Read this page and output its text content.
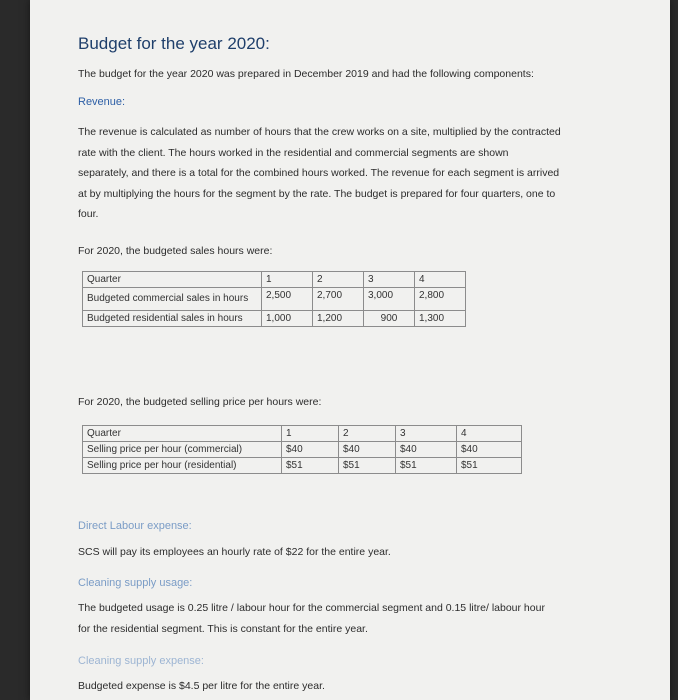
Budget for the year 2020:
The budget for the year 2020 was prepared in December 2019 and had the following components:
Revenue:
The revenue is calculated as number of hours that the crew works on a site, multiplied by the contracted
rate with the client. The hours worked in the residential and commercial segments are shown
separately, and there is a total for the combined hours worked. The revenue for each segment is arrived
at by multiplying the hours for the segment by the rate. The budget is prepared for four quarters, one to
four.
For 2020, the budgeted sales hours were:
Quarter	1	2	3	4
Budgeted commercial sales in hours	2,500	2,700	3,000	2,800
Budgeted residential sales in hours	1,000	1,200	900	1,300
For 2020, the budgeted selling price per hours were:
Quarter	1	2	3	4
Selling price per hour (commercial)	$40	$40	$40	$40
Selling price per hour (residential)	$51	$51	$51	$51
Direct Labour expense:
SCS will pay its employees an hourly rate of $22 for the entire year.
Cleaning supply usage:
The budgeted usage is 0.25 litre / labour hour for the commercial segment and 0.15 litre/ labour hour
for the residential segment. This is constant for the entire year.
Cleaning supply expense:
Budgeted expense is $4.5 per litre for the entire year.
